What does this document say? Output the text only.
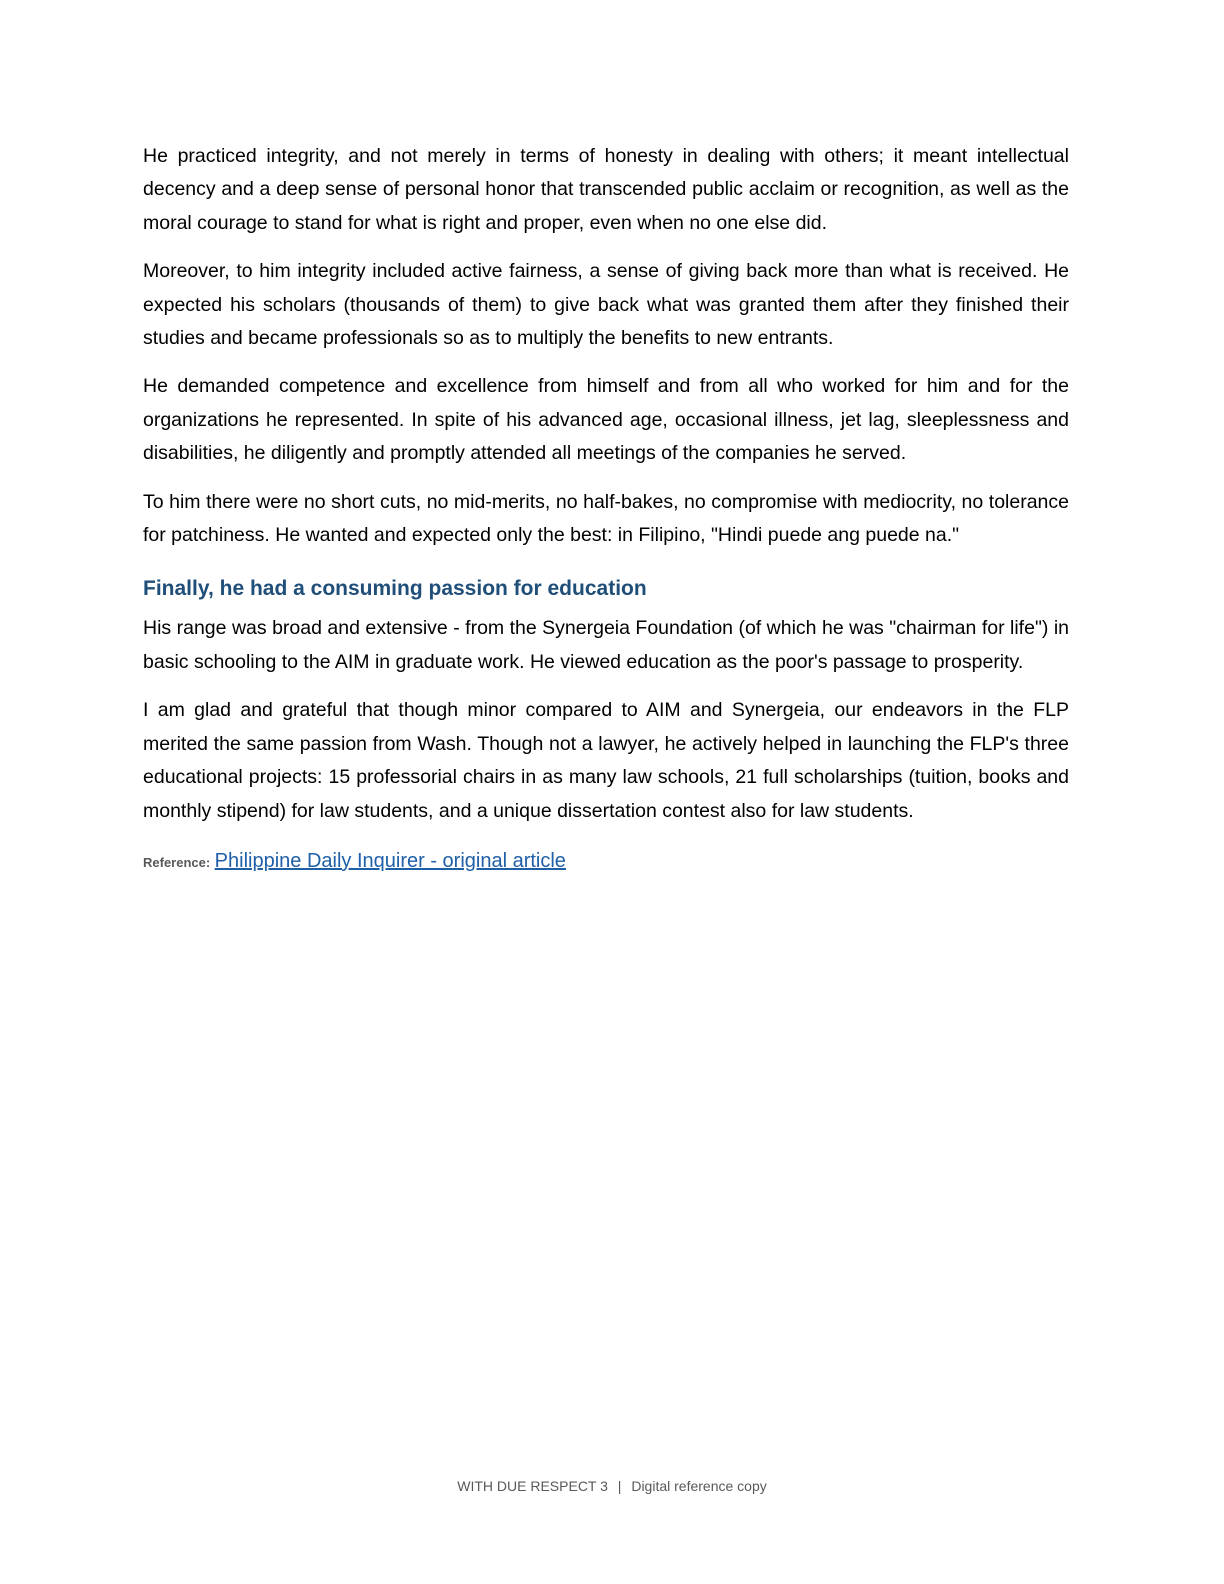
He practiced integrity, and not merely in terms of honesty in dealing with others; it meant intellectual decency and a deep sense of personal honor that transcended public acclaim or recognition, as well as the moral courage to stand for what is right and proper, even when no one else did.

Moreover, to him integrity included active fairness, a sense of giving back more than what is received. He expected his scholars (thousands of them) to give back what was granted them after they finished their studies and became professionals so as to multiply the benefits to new entrants.

He demanded competence and excellence from himself and from all who worked for him and for the organizations he represented. In spite of his advanced age, occasional illness, jet lag, sleeplessness and disabilities, he diligently and promptly attended all meetings of the companies he served.

To him there were no short cuts, no mid-merits, no half-bakes, no compromise with mediocrity, no tolerance for patchiness. He wanted and expected only the best: in Filipino, "Hindi puede ang puede na."

Finally, he had a consuming passion for education

His range was broad and extensive - from the Synergeia Foundation (of which he was "chairman for life") in basic schooling to the AIM in graduate work. He viewed education as the poor's passage to prosperity.

I am glad and grateful that though minor compared to AIM and Synergeia, our endeavors in the FLP merited the same passion from Wash. Though not a lawyer, he actively helped in launching the FLP's three educational projects: 15 professorial chairs in as many law schools, 21 full scholarships (tuition, books and monthly stipend) for law students, and a unique dissertation contest also for law students.

Reference: Philippine Daily Inquirer - original article
WITH DUE RESPECT 3 | Digital reference copy
